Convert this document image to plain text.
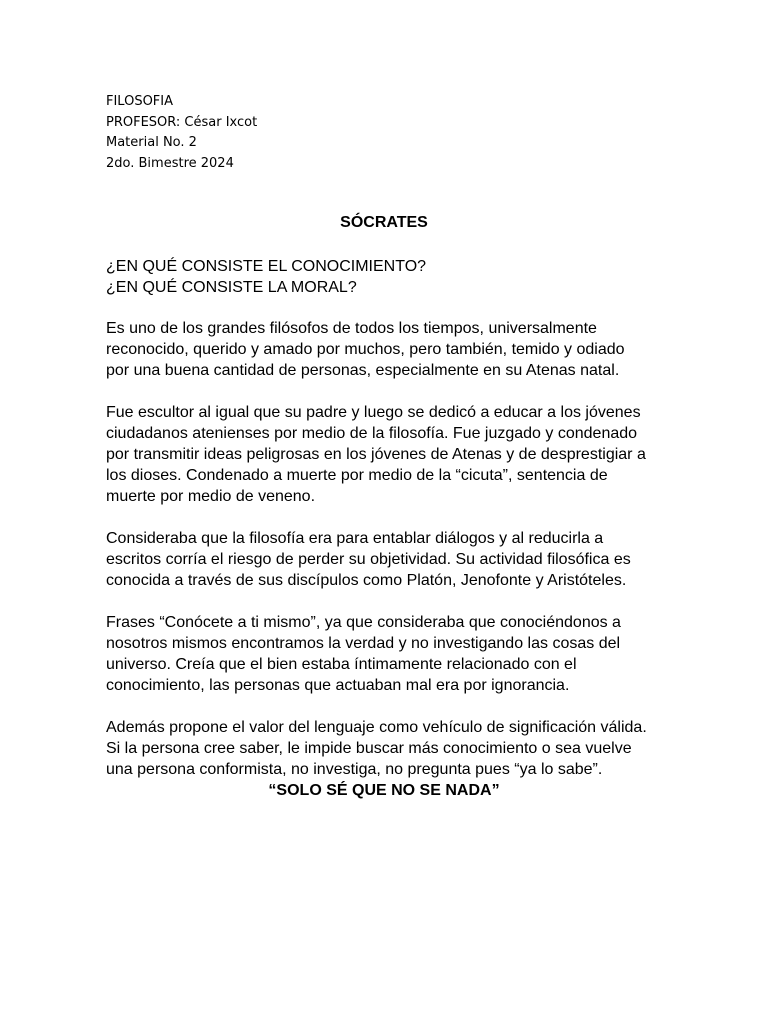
FILOSOFIA
PROFESOR: César Ixcot
Material No. 2
2do. Bimestre 2024
SÓCRATES
¿EN QUÉ CONSISTE EL CONOCIMIENTO?
¿EN QUÉ CONSISTE LA MORAL?
Es uno de los grandes filósofos de todos los tiempos, universalmente
reconocido, querido y amado por muchos, pero también, temido y odiado
por una buena cantidad de personas, especialmente en su Atenas natal.
Fue escultor al igual que su padre y luego se dedicó a educar a los jóvenes
ciudadanos atenienses por medio de la filosofía. Fue juzgado y condenado
por transmitir ideas peligrosas en los jóvenes de Atenas y de desprestigiar a
los dioses. Condenado a muerte por medio de la “cicuta”, sentencia de
muerte por medio de veneno.
Consideraba que la filosofía era para entablar diálogos y al reducirla a
escritos corría el riesgo de perder su objetividad. Su actividad filosófica es
conocida a través de sus discípulos como Platón, Jenofonte y Aristóteles.
Frases “Conócete a ti mismo”, ya que consideraba que conociéndonos a
nosotros mismos encontramos la verdad y no investigando las cosas del
universo. Creía que el bien estaba íntimamente relacionado con el
conocimiento, las personas que actuaban mal era por ignorancia.
Además propone el valor del lenguaje como vehículo de significación válida.
Si la persona cree saber, le impide buscar más conocimiento o sea vuelve
una persona conformista, no investiga, no pregunta pues “ya lo sabe”.
“SOLO SÉ QUE NO SE NADA”
